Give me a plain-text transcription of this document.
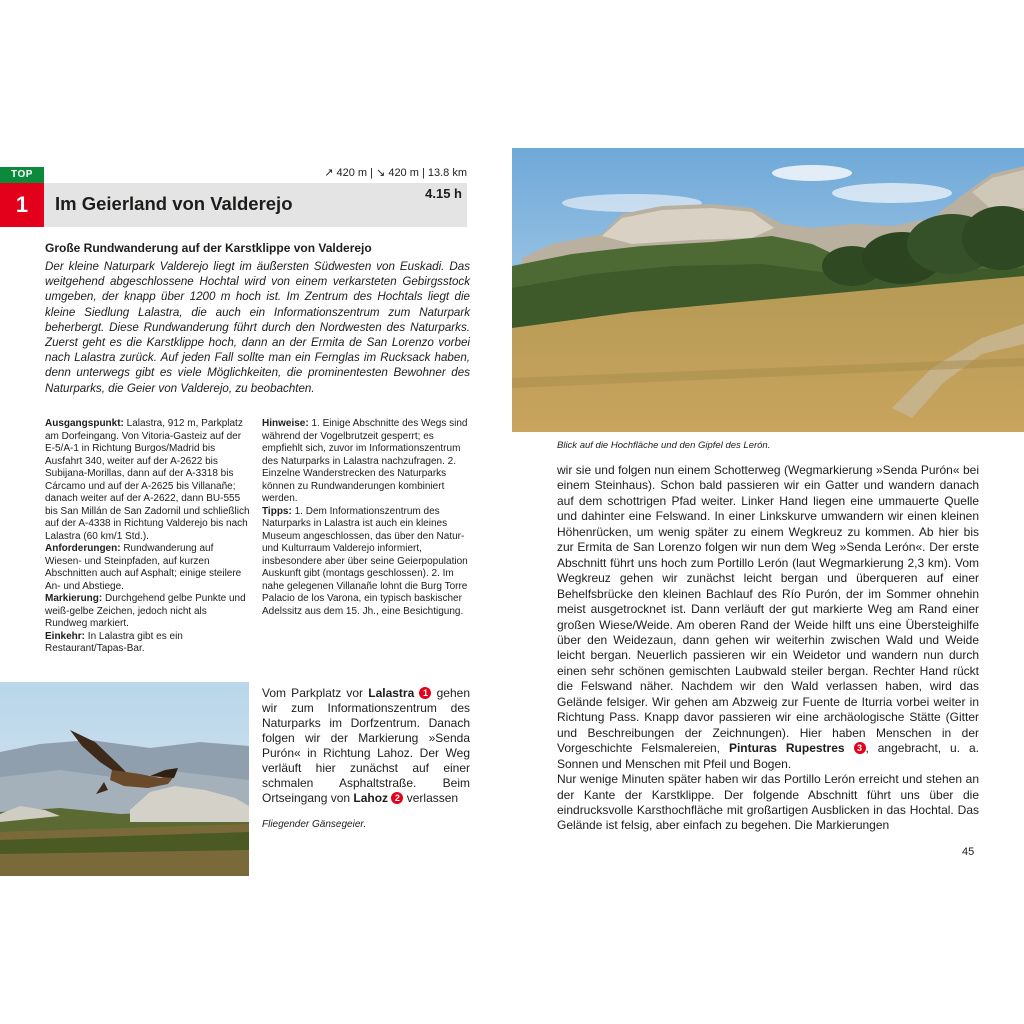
TOP
1
↗ 420 m | ↘ 420 m | 13.8 km
Im Geierland von Valderejo	4.15 h
Große Rundwanderung auf der Karstklippe von Valderejo
Der kleine Naturpark Valderejo liegt im äußersten Südwesten von Euskadi. Das weitgehend abgeschlossene Hochtal wird von einem verkarsteten Gebirgsstock umgeben, der knapp über 1200 m hoch ist. Im Zentrum des Hochtals liegt die kleine Siedlung Lalastra, die auch ein Informationszentrum zum Naturpark beherbergt. Diese Rundwanderung führt durch den Nordwesten des Naturparks. Zuerst geht es die Karstklippe hoch, dann an der Ermita de San Lorenzo vorbei nach Lalastra zurück. Auf jeden Fall sollte man ein Fernglas im Rucksack haben, denn unterwegs gibt es viele Möglichkeiten, die prominentesten Bewohner des Naturparks, die Geier von Valderejo, zu beobachten.

Ausgangspunkt: Lalastra, 912 m, Parkplatz am Dorfeingang. Von Vitoria-Gasteiz auf der E-5/A-1 in Richtung Burgos/Madrid bis Ausfahrt 340, weiter auf der A-2622 bis Subijana-Morillas, dann auf der A-3318 bis Cárcamo und auf der A-2625 bis Villanañe; danach weiter auf der A-2622, dann BU-555 bis San Millán de San Zadornil und schließlich auf der A-4338 in Richtung Valderejo bis nach Lalastra (60 km/1 Std.).

Anforderungen: Rundwanderung auf Wiesen- und Steinpfaden, auf kurzen Abschnitten auch auf Asphalt; einige steilere An- und Abstiege.

Markierung: Durchgehend gelbe Punkte und weiß-gelbe Zeichen, jedoch nicht als Rundweg markiert.

Einkehr: In Lalastra gibt es ein Restaurant/Tapas-Bar.

Hinweise: 1. Einige Abschnitte des Wegs sind während der Vogelbrutzeit gesperrt; es empfiehlt sich, zuvor im Informationszentrum des Naturparks in Lalastra nachzufragen. 2. Einzelne Wanderstrecken des Naturparks können zu Rundwanderungen kombiniert werden.

Tipps: 1. Dem Informationszentrum des Naturparks in Lalastra ist auch ein kleines Museum angeschlossen, das über den Natur- und Kulturraum Valderejo informiert, insbesondere aber über seine Geierpopulation Auskunft gibt (montags geschlossen). 2. Im nahe gelegenen Villanañe lohnt die Burg Torre Palacio de los Varona, ein typisch baskischer Adelssitz aus dem 15. Jh., eine Besichtigung.

Fliegender Gänsegeier.
Vom Parkplatz vor Lalastra 1 gehen wir zum Informationszentrum des Naturparks im Dorfzentrum. Danach folgen wir der Markierung »Senda Purón« in Richtung Lahoz. Der Weg verläuft hier zunächst auf einer schmalen Asphaltstraße. Beim Ortseingang von Lahoz 2 verlassen
Blick auf die Hochfläche und den Gipfel des Lerón.
wir sie und folgen nun einem Schotterweg (Wegmarkierung »Senda Purón« bei einem Steinhaus). Schon bald passieren wir ein Gatter und wandern danach auf dem schottrigen Pfad weiter. Linker Hand liegen eine ummauerte Quelle und dahinter eine Felswand. In einer Linkskurve umwandern wir einen kleinen Höhenrücken, um wenig später zu einem Wegkreuz zu kommen. Ab hier bis zur Ermita de San Lorenzo folgen wir nun dem Weg »Senda Lerón«. Der erste Abschnitt führt uns hoch zum Portillo Lerón (laut Wegmarkierung 2,3 km). Vom Wegkreuz gehen wir zunächst leicht bergan und überqueren auf einer Behelfsbrücke den kleinen Bachlauf des Río Purón, der im Sommer ohnehin meist ausgetrocknet ist. Dann verläuft der gut markierte Weg am Rand einer großen Wiese/Weide. Am oberen Rand der Weide hilft uns eine Übersteighilfe über den Weidezaun, dann gehen wir weiterhin zwischen Wald und Weide leicht bergan. Neuerlich passieren wir ein Weidetor und wandern nun durch einen sehr schönen gemischten Laubwald steiler bergan. Rechter Hand rückt die Felswand näher. Nachdem wir den Wald verlassen haben, wird das Gelände felsiger. Wir gehen am Abzweig zur Fuente de Iturria vorbei weiter in Richtung Pass. Knapp davor passieren wir eine archäologische Stätte (Gitter und Beschreibungen der Zeichnungen). Hier haben Menschen in der Vorgeschichte Felsmalereien, Pinturas Rupestres 3 , angebracht, u. a. Sonnen und Menschen mit Pfeil und Bogen.
Nur wenige Minuten später haben wir das Portillo Lerón erreicht und stehen an der Kante der Karstklippe. Der folgende Abschnitt führt uns über die eindrucksvolle Karsthochfläche mit großartigen Ausblicken in das Hochtal. Das Gelände ist felsig, aber einfach zu begehen. Die Markierungen
45
